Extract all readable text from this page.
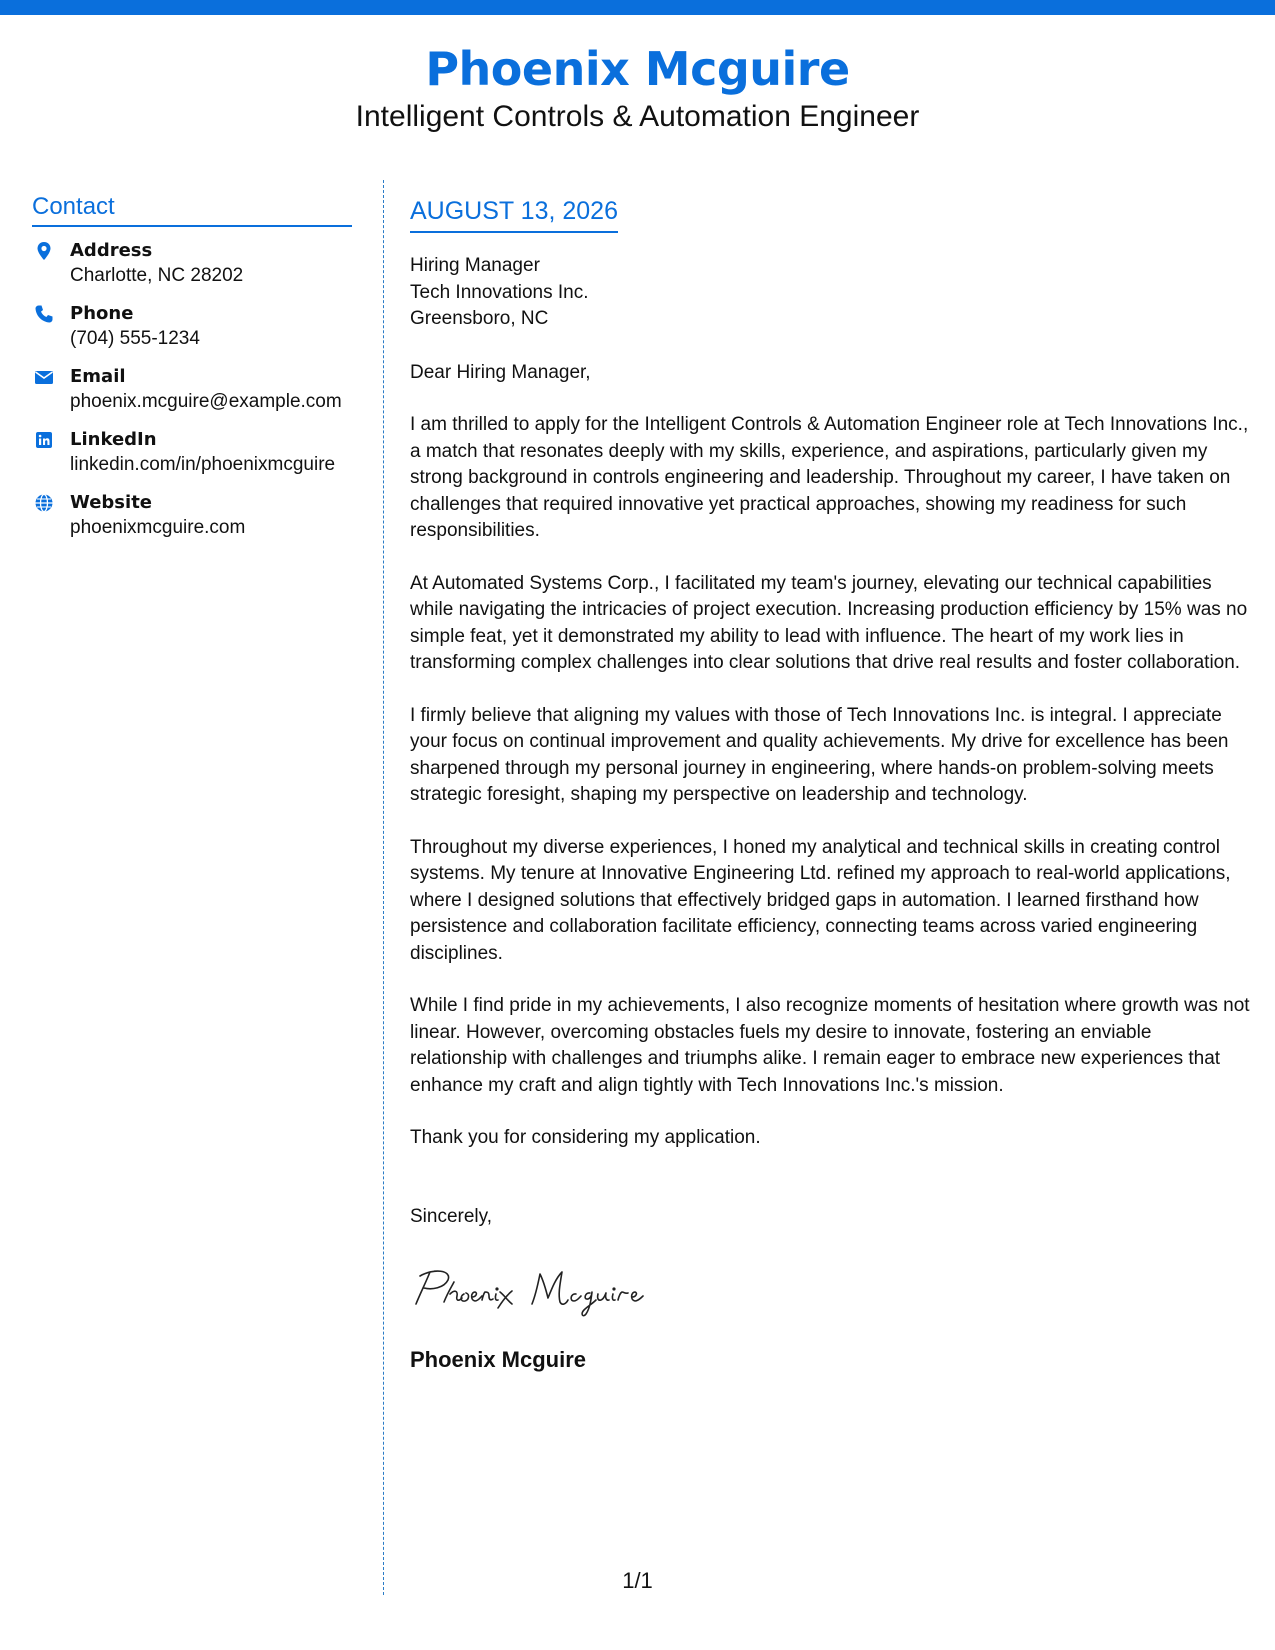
Phoenix Mcguire
Intelligent Controls & Automation Engineer
Contact
Address
Charlotte, NC 28202
Phone
(704) 555-1234
Email
phoenix.mcguire@example.com
LinkedIn
linkedin.com/in/phoenixmcguire
Website
phoenixmcguire.com
AUGUST 13, 2026
Hiring Manager
Tech Innovations Inc.
Greensboro, NC
Dear Hiring Manager,
I am thrilled to apply for the Intelligent Controls & Automation Engineer role at Tech Innovations Inc., a match that resonates deeply with my skills, experience, and aspirations, particularly given my strong background in controls engineering and leadership. Throughout my career, I have taken on challenges that required innovative yet practical approaches, showing my readiness for such responsibilities.
At Automated Systems Corp., I facilitated my team's journey, elevating our technical capabilities while navigating the intricacies of project execution. Increasing production efficiency by 15% was no simple feat, yet it demonstrated my ability to lead with influence. The heart of my work lies in transforming complex challenges into clear solutions that drive real results and foster collaboration.
I firmly believe that aligning my values with those of Tech Innovations Inc. is integral. I appreciate your focus on continual improvement and quality achievements. My drive for excellence has been sharpened through my personal journey in engineering, where hands-on problem-solving meets strategic foresight, shaping my perspective on leadership and technology.
Throughout my diverse experiences, I honed my analytical and technical skills in creating control systems. My tenure at Innovative Engineering Ltd. refined my approach to real-world applications, where I designed solutions that effectively bridged gaps in automation. I learned firsthand how persistence and collaboration facilitate efficiency, connecting teams across varied engineering disciplines.
While I find pride in my achievements, I also recognize moments of hesitation where growth was not linear. However, overcoming obstacles fuels my desire to innovate, fostering an enviable relationship with challenges and triumphs alike. I remain eager to embrace new experiences that enhance my craft and align tightly with Tech Innovations Inc.'s mission.
Thank you for considering my application.
Sincerely,
Phoenix Mcguire
1/1
